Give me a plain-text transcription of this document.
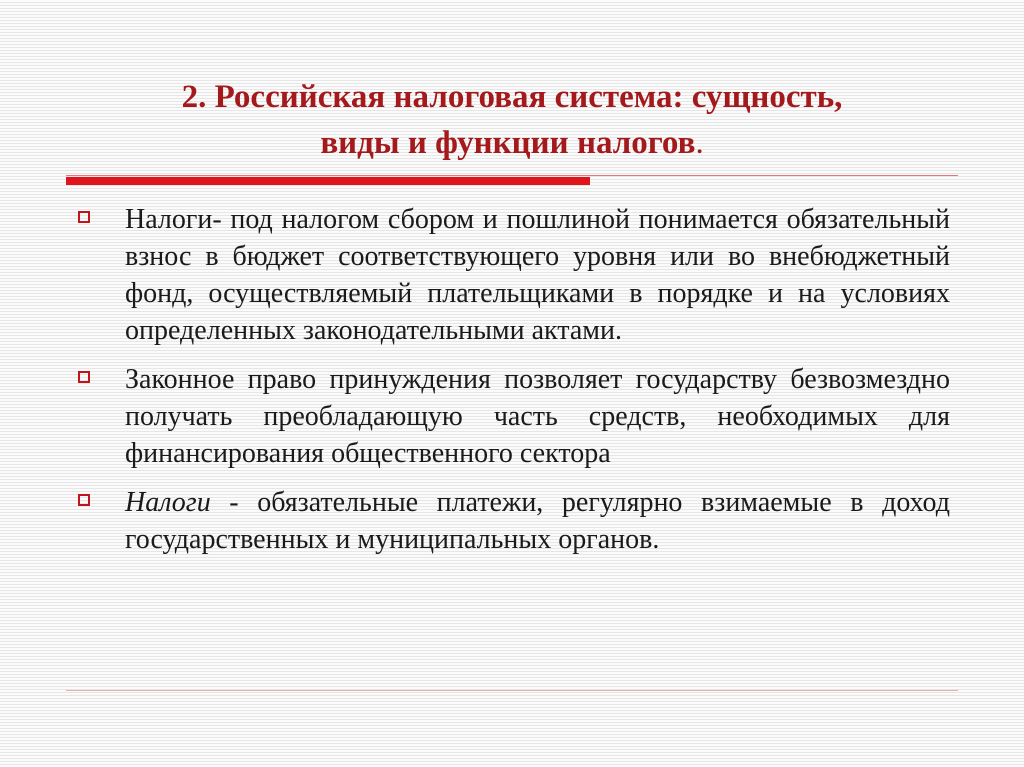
2. Российская налоговая система: сущность,
виды и функции налогов.
Налоги- под налогом сбором и пошлиной понимается обязательный взнос в бюджет соответствующего уровня или во внебюджетный фонд, осуществляемый плательщиками в порядке и на условиях определенных законодательными актами.
Законное право принуждения позволяет государству безвозмездно получать преобладающую часть средств, необходимых для финансирования общественного сектора
Налоги - обязательные платежи, регулярно взимаемые в доход государственных и муниципальных органов.
